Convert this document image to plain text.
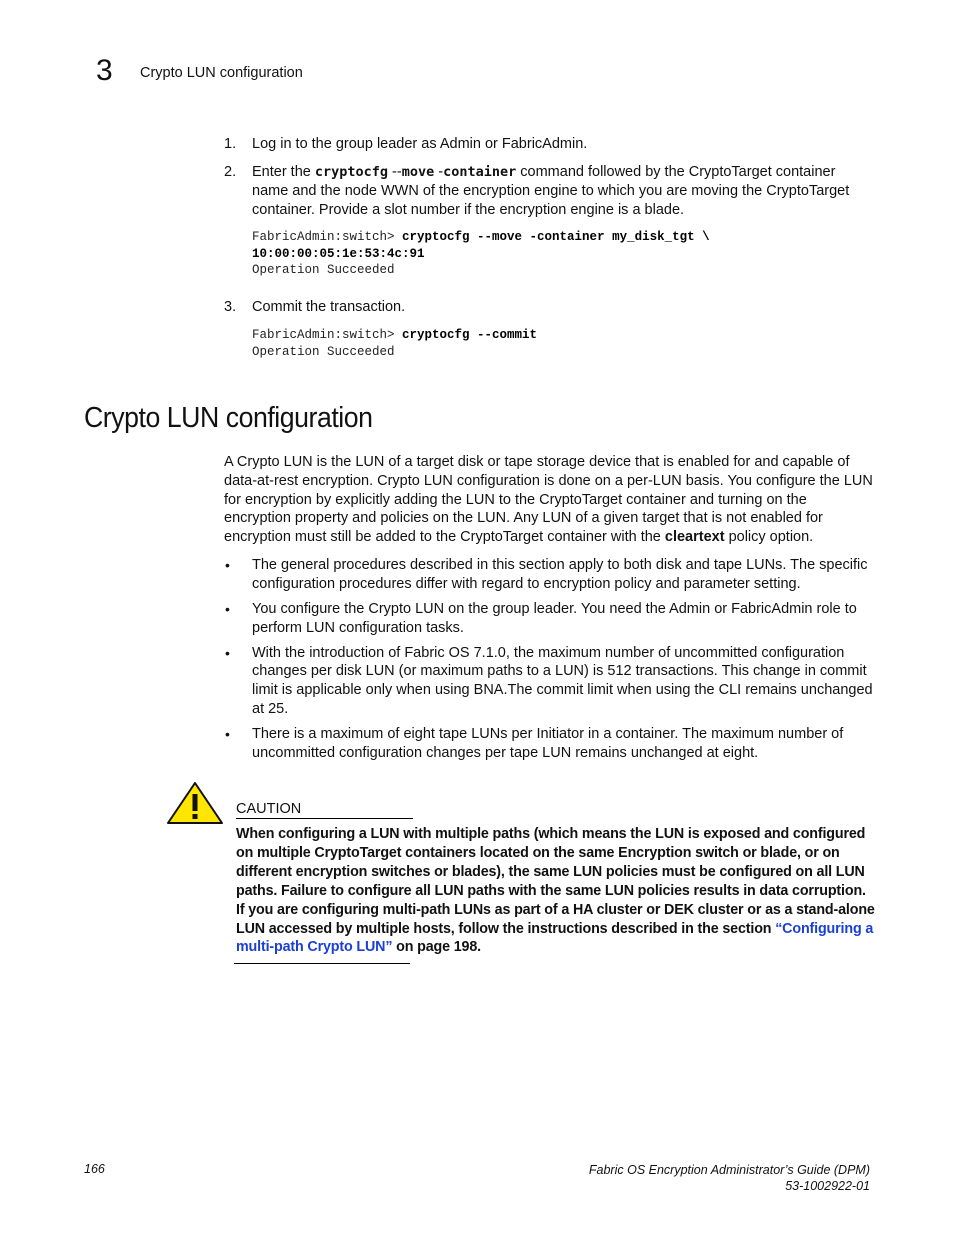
3 Crypto LUN configuration
1. Log in to the group leader as Admin or FabricAdmin.
2. Enter the cryptocfg --move -container command followed by the CryptoTarget container name and the node WWN of the encryption engine to which you are moving the CryptoTarget container. Provide a slot number if the encryption engine is a blade.
FabricAdmin:switch> cryptocfg --move -container my_disk_tgt \
10:00:00:05:1e:53:4c:91
Operation Succeeded
3. Commit the transaction.
FabricAdmin:switch> cryptocfg --commit
Operation Succeeded
Crypto LUN configuration
A Crypto LUN is the LUN of a target disk or tape storage device that is enabled for and capable of data-at-rest encryption. Crypto LUN configuration is done on a per-LUN basis. You configure the LUN for encryption by explicitly adding the LUN to the CryptoTarget container and turning on the encryption property and policies on the LUN. Any LUN of a given target that is not enabled for encryption must still be added to the CryptoTarget container with the cleartext policy option.
• The general procedures described in this section apply to both disk and tape LUNs. The specific configuration procedures differ with regard to encryption policy and parameter setting.
• You configure the Crypto LUN on the group leader. You need the Admin or FabricAdmin role to perform LUN configuration tasks.
• With the introduction of Fabric OS 7.1.0, the maximum number of uncommitted configuration changes per disk LUN (or maximum paths to a LUN) is 512 transactions. This change in commit limit is applicable only when using BNA.The commit limit when using the CLI remains unchanged at 25.
• There is a maximum of eight tape LUNs per Initiator in a container. The maximum number of uncommitted configuration changes per tape LUN remains unchanged at eight.
CAUTION
When configuring a LUN with multiple paths (which means the LUN is exposed and configured on multiple CryptoTarget containers located on the same Encryption switch or blade, or on different encryption switches or blades), the same LUN policies must be configured on all LUN paths. Failure to configure all LUN paths with the same LUN policies results in data corruption. If you are configuring multi-path LUNs as part of a HA cluster or DEK cluster or as a stand-alone LUN accessed by multiple hosts, follow the instructions described in the section “Configuring a multi-path Crypto LUN” on page 198.
166	Fabric OS Encryption Administrator’s Guide (DPM)
53-1002922-01
